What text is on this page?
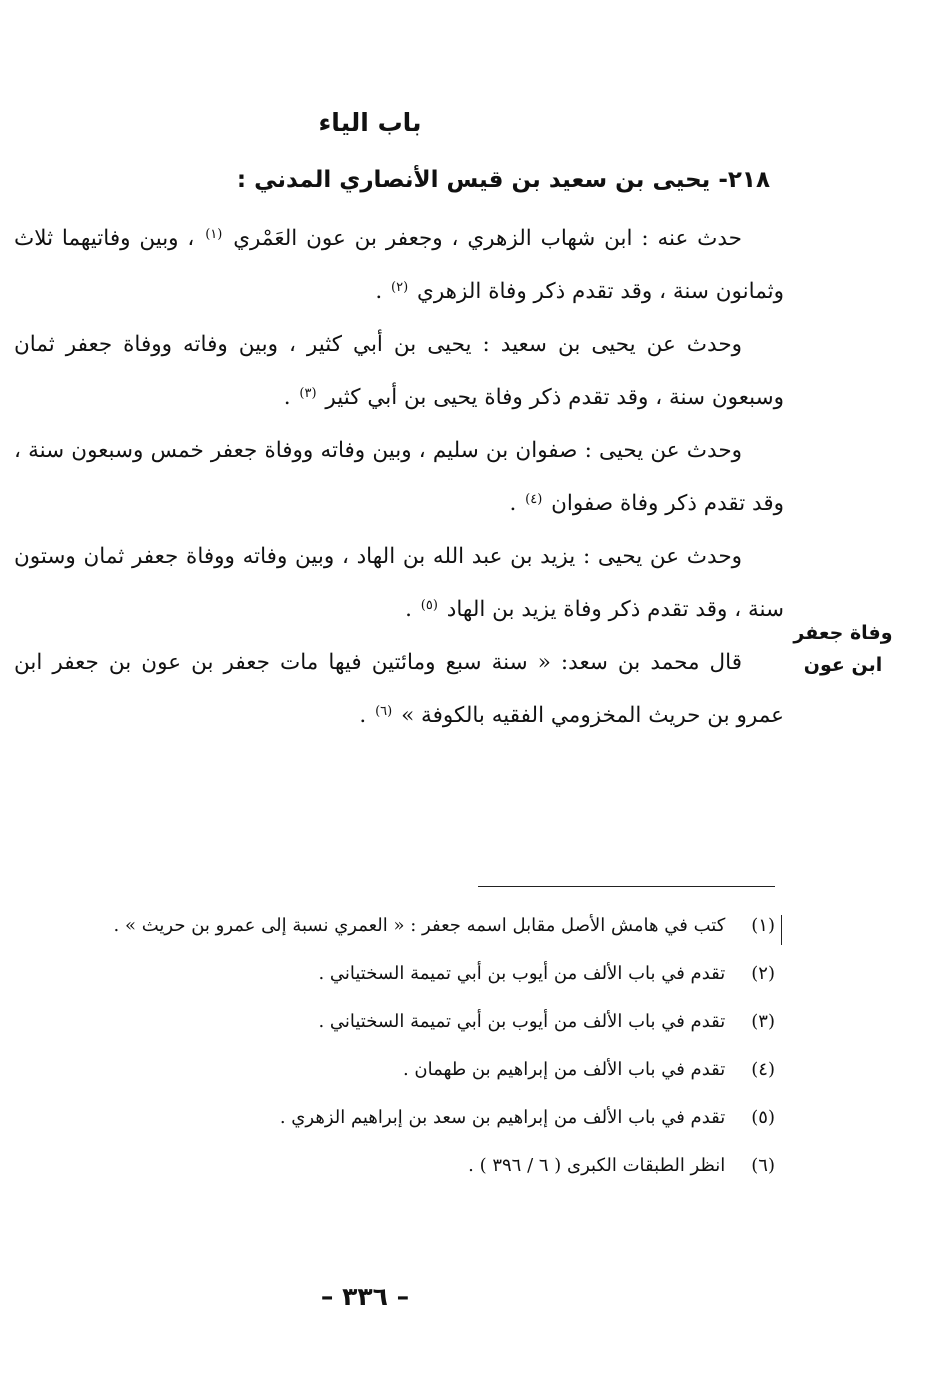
باب الياء
٢١٨- يحيى بن سعيد بن قيس الأنصاري المدني :

حدث عنه : ابن شهاب الزهري ، وجعفر بن عون العَمْري $^{(١)}$ ، وبين وفاتيهما ثلاث وثمانون سنة ، وقد تقدم ذكر وفاة الزهري $^{(٢)}$ .

وحدث عن يحيى بن سعيد : يحيى بن أبي كثير ، وبين وفاته ووفاة جعفر ثمان وسبعون سنة ، وقد تقدم ذكر وفاة يحيى بن أبي كثير $^{(٣)}$ .

وحدث عن يحيى : صفوان بن سليم ، وبين وفاته ووفاة جعفر خمس وسبعون سنة ، وقد تقدم ذكر وفاة صفوان $^{(٤)}$ .

وحدث عن يحيى : يزيد بن عبد الله بن الهاد ، وبين وفاته ووفاة جعفر ثمان وستون سنة ، وقد تقدم ذكر وفاة يزيد بن الهاد $^{(٥)}$ .

قال محمد بن سعد: « سنة سبع ومائتين فيها مات جعفر بن عون بن جعفر ابن عمرو بن حريث المخزومي الفقيه بالكوفة » $^{(٦)}$ .

وفاة جعفر
ابن عون
(١) كتب في هامش الأصل مقابل اسمه جعفر : « العمري نسبة إلى عمرو بن حريث » .
(٢) تقدم في باب الألف من أيوب بن أبي تميمة السختياني .
(٣) تقدم في باب الألف من أيوب بن أبي تميمة السختياني .
(٤) تقدم في باب الألف من إبراهيم بن طهمان .
(٥) تقدم في باب الألف من إبراهيم بن سعد بن إبراهيم الزهري .
(٦) انظر الطبقات الكبرى ( ٦ / ٣٩٦ ) .
– ٣٣٦ –
